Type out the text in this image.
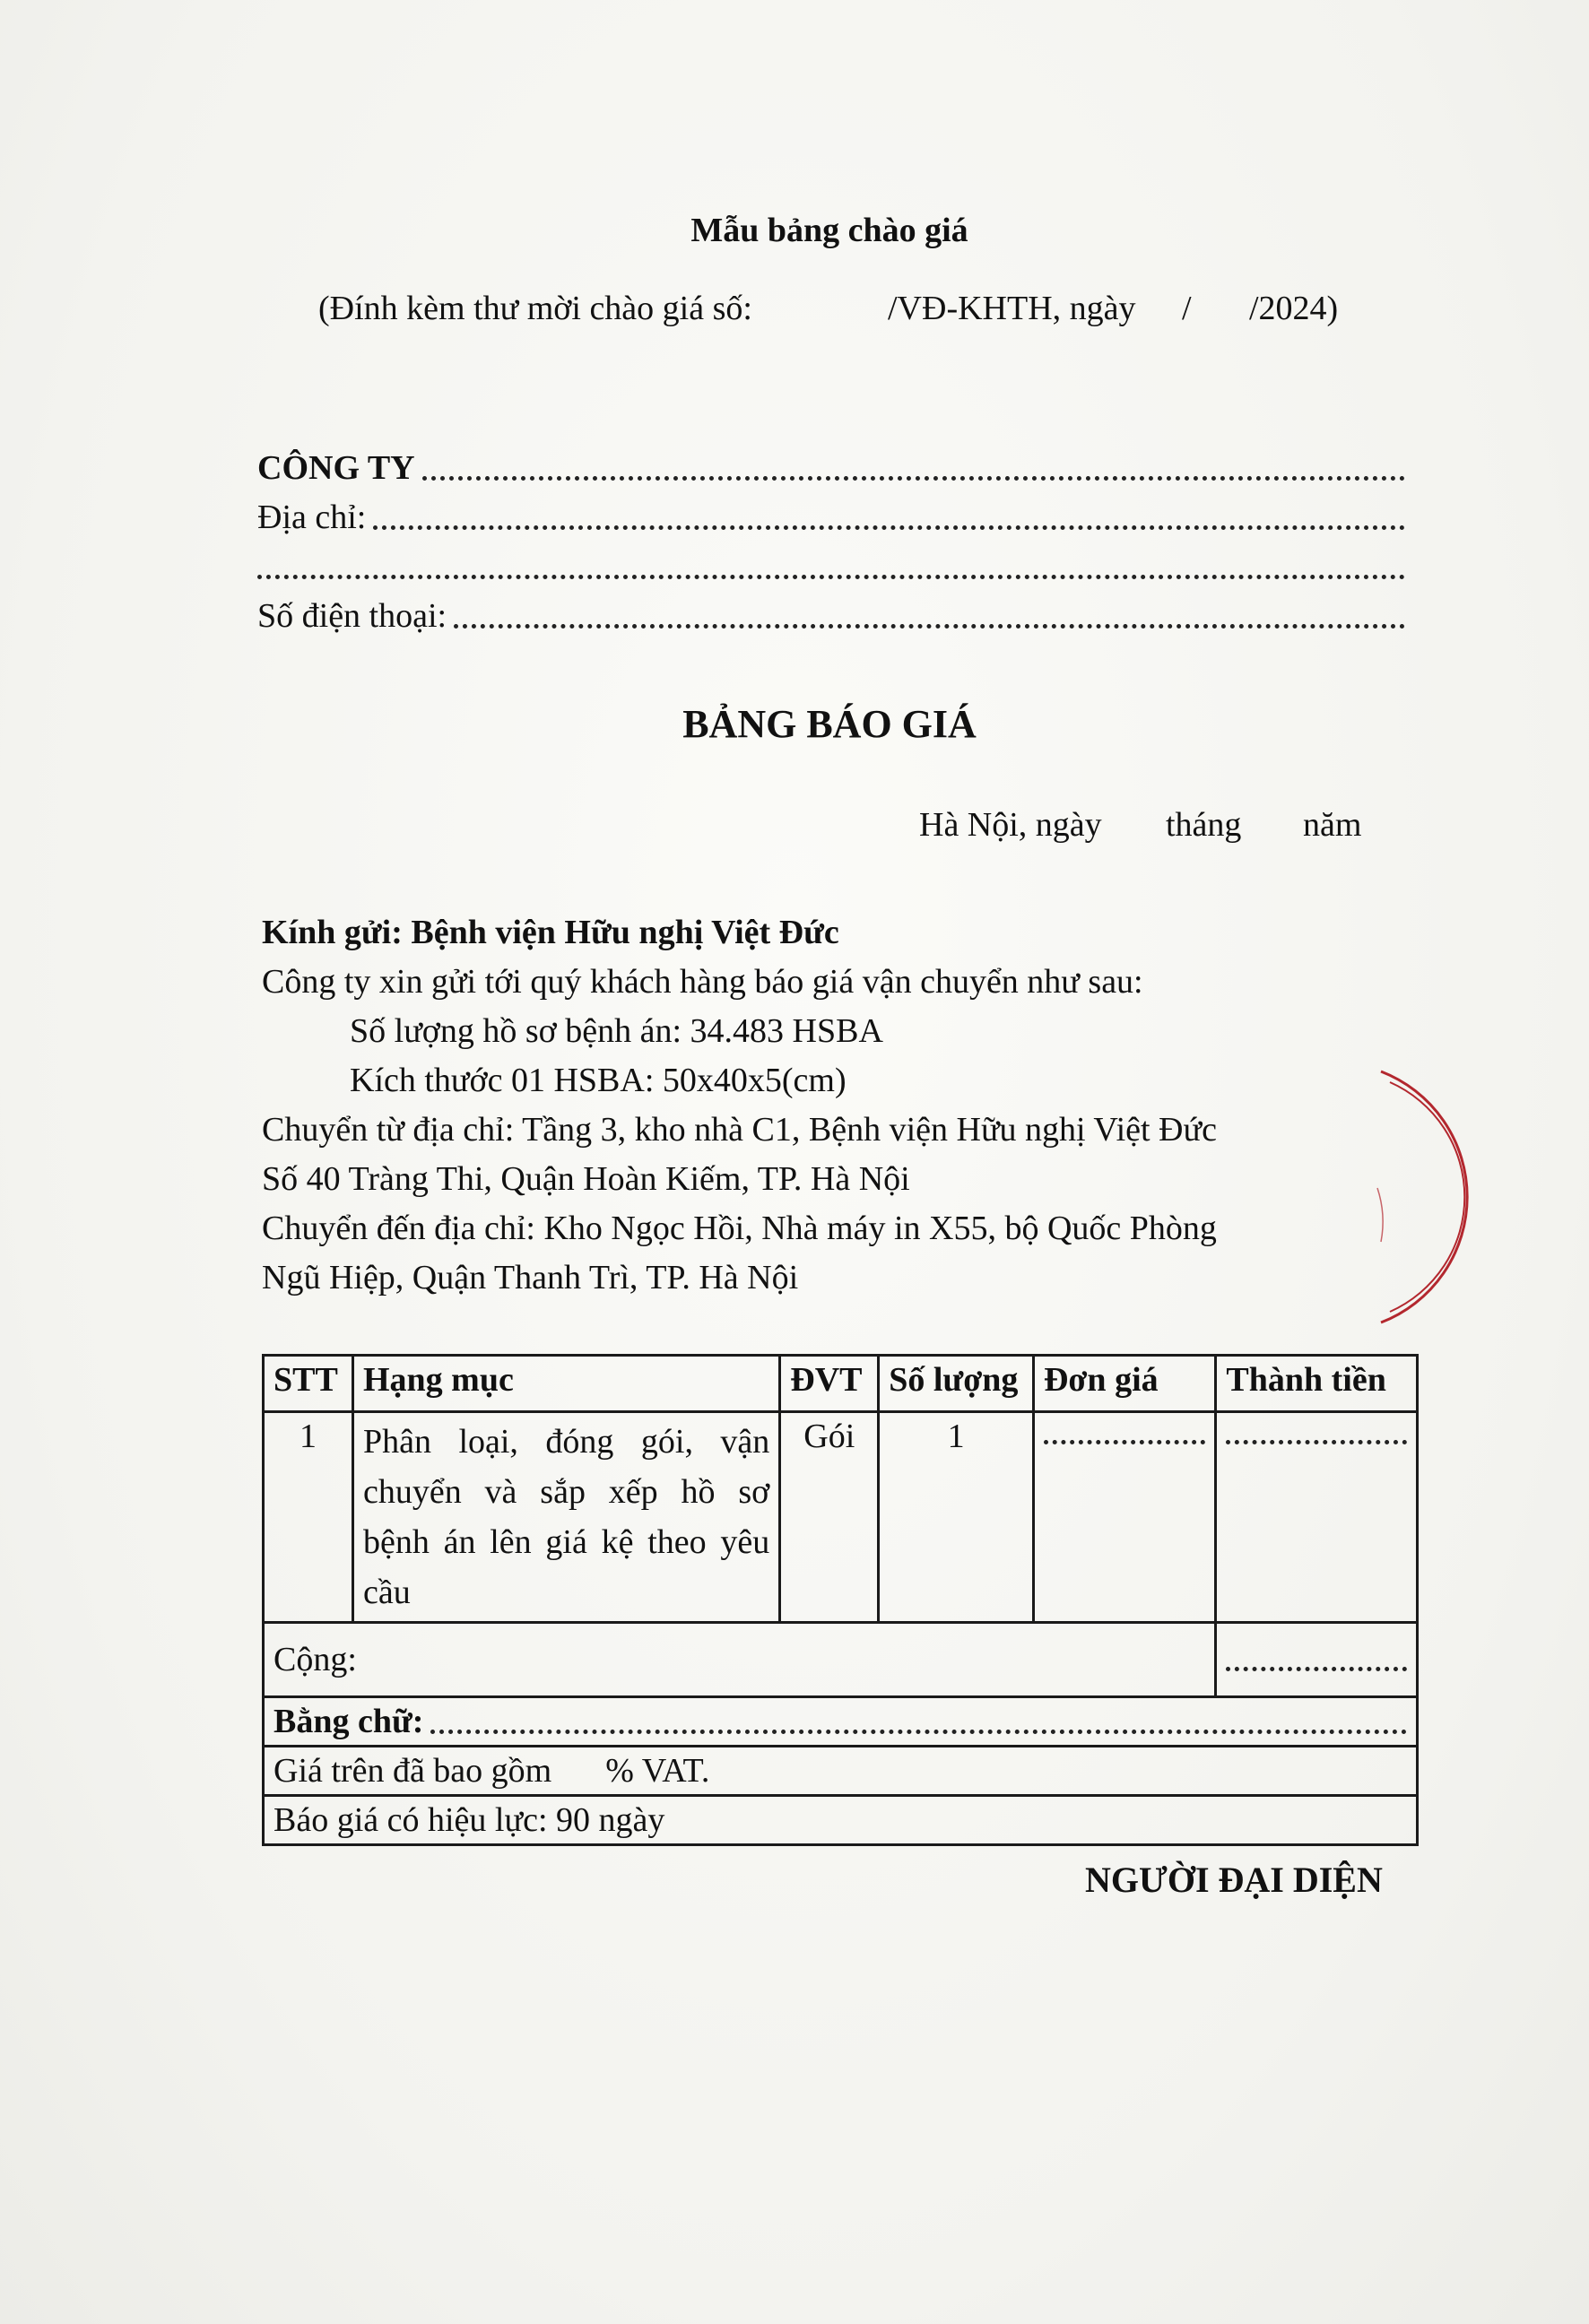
Mẫu bảng chào giá
(Đính kèm thư mời chào giá số:	/VĐ-KHTH, ngày / /2024)
CÔNG TY
Địa chỉ:
Số điện thoại:
BẢNG BÁO GIÁ
Hà Nội, ngày tháng năm
Kính gửi: Bệnh viện Hữu nghị Việt Đức
Công ty xin gửi tới quý khách hàng báo giá vận chuyển như sau:
Số lượng hồ sơ bệnh án: 34.483 HSBA
Kích thước 01 HSBA: 50x40x5(cm)
Chuyển từ địa chỉ: Tầng 3, kho nhà C1, Bệnh viện Hữu nghị Việt Đức
Số 40 Tràng Thi, Quận Hoàn Kiếm, TP. Hà Nội
Chuyển đến địa chỉ: Kho Ngọc Hồi, Nhà máy in X55, bộ Quốc Phòng
Ngũ Hiệp, Quận Thanh Trì, TP. Hà Nội
STT	Hạng mục	ĐVT	Số lượng	Đơn giá	Thành tiền
1	Phân loại, đóng gói, vận chuyển và sắp xếp hồ sơ bệnh án lên giá kệ theo yêu cầu	Gói	1	

Cộng:					

Bằng chữ:					

Giá trên đã bao gồm % VAT.					
Báo giá có hiệu lực: 90 ngày					
NGƯỜI ĐẠI DIỆN
